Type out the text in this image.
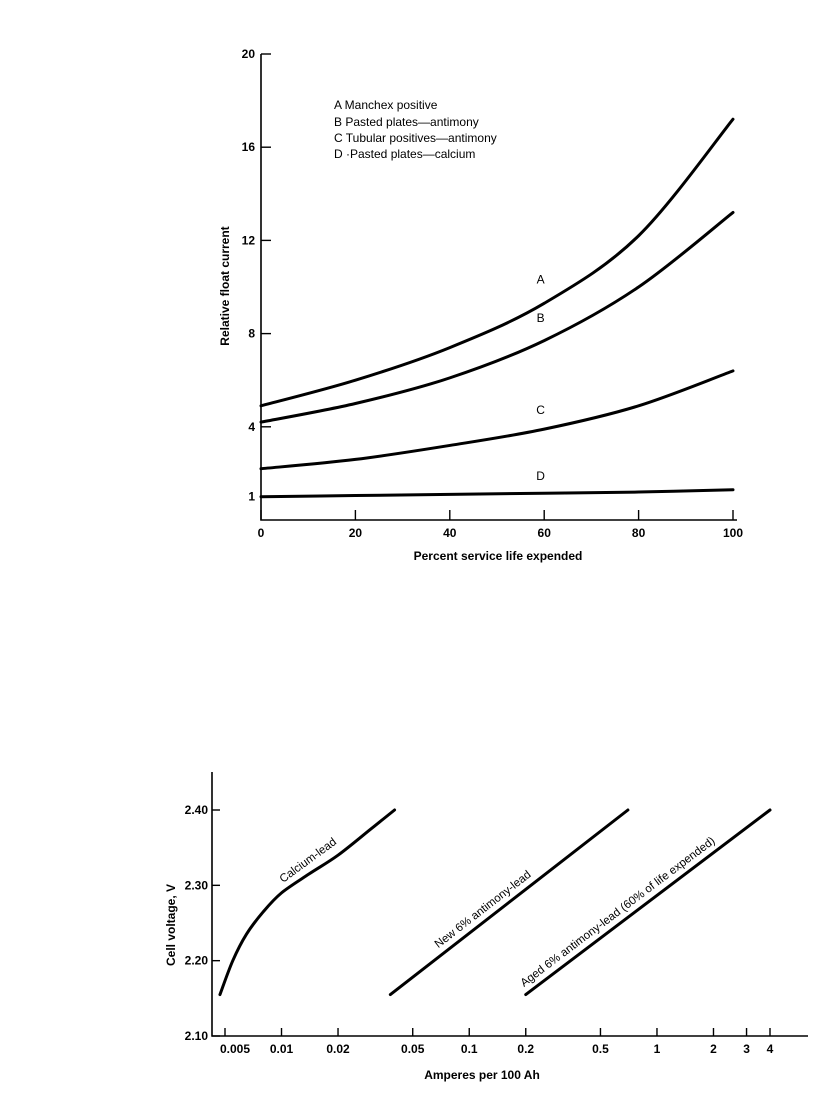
0	20	40	60	80	100
1
4
8
12
16
20
A
B
C
D
A Manchex positive
B Pasted plates—antimony
C Tubular positives—antimony
D ·Pasted plates—calcium
Percent service life expended
Relative float current
0.005 0.01	0.02	0.05	0.1	0.2	0.5	1	2 3 4
2.10
2.20
2.30
2.40
Calcium-lead
New 6% antimony-lead
Aged 6% antimony-lead (60% of life expended)
Amperes per 100 Ah
Cell voltage, V
